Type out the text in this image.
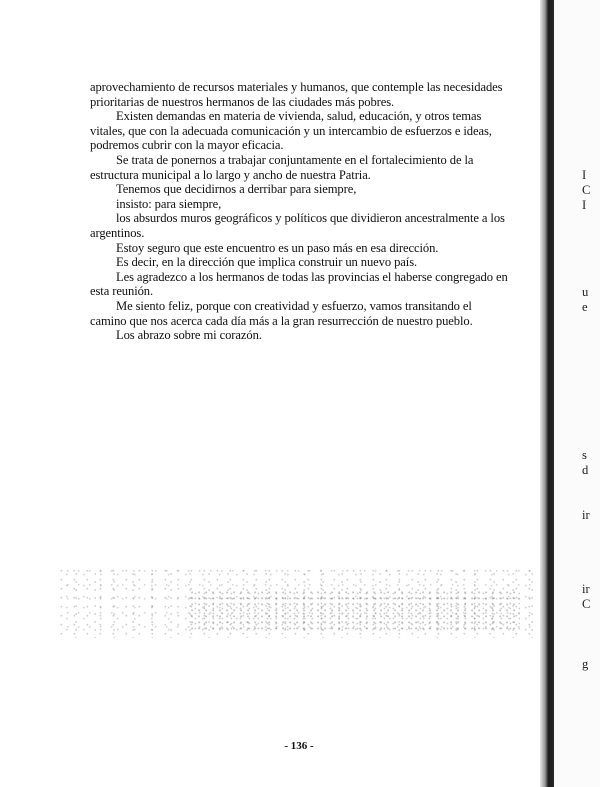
aprovechamiento de recursos materiales y humanos, que contemple las necesidades prioritarias de nuestros hermanos de las ciudades más pobres.

Existen demandas en materia de vivienda, salud, educación, y otros temas vitales, que con la adecuada comunicación y un intercambio de esfuerzos e ideas, podremos cubrir con la mayor eficacia.

Se trata de ponernos a trabajar conjuntamente en el fortalecimiento de la estructura municipal a lo largo y ancho de nuestra Patria.

Tenemos que decidirnos a derribar para siempre,

insisto: para siempre,

los absurdos muros geográficos y políticos que dividieron ancestralmente a los argentinos.

Estoy seguro que este encuentro es un paso más en esa dirección.

Es decir, en la dirección que implica construir un nuevo país.

Les agradezco a los hermanos de todas las provincias el haberse congregado en esta reunión.

Me siento feliz, porque con creatividad y esfuerzo, vamos transitando el camino que nos acerca cada día más a la gran resurrección de nuestro pueblo.

Los abrazo sobre mi corazón.

- 136 -
I
C
I
u
e
s
d
ir
ir
C
g
